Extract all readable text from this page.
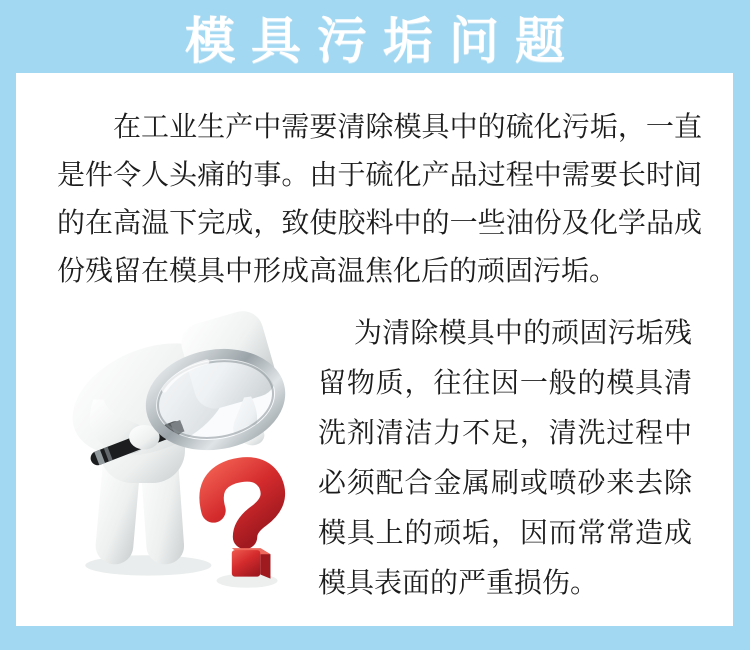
模具污垢问题
在工业生产中需要清除模具中的硫化污垢，一直
是件令人头痛的事。由于硫化产品过程中需要长时间
的在高温下完成，致使胶料中的一些油份及化学品成
份残留在模具中形成高温焦化后的顽固污垢。
为清除模具中的顽固污垢残
留物质，往往因一般的模具清
洗剂清洁力不足，清洗过程中
必须配合金属刷或喷砂来去除
模具上的顽垢，因而常常造成
模具表面的严重损伤。
